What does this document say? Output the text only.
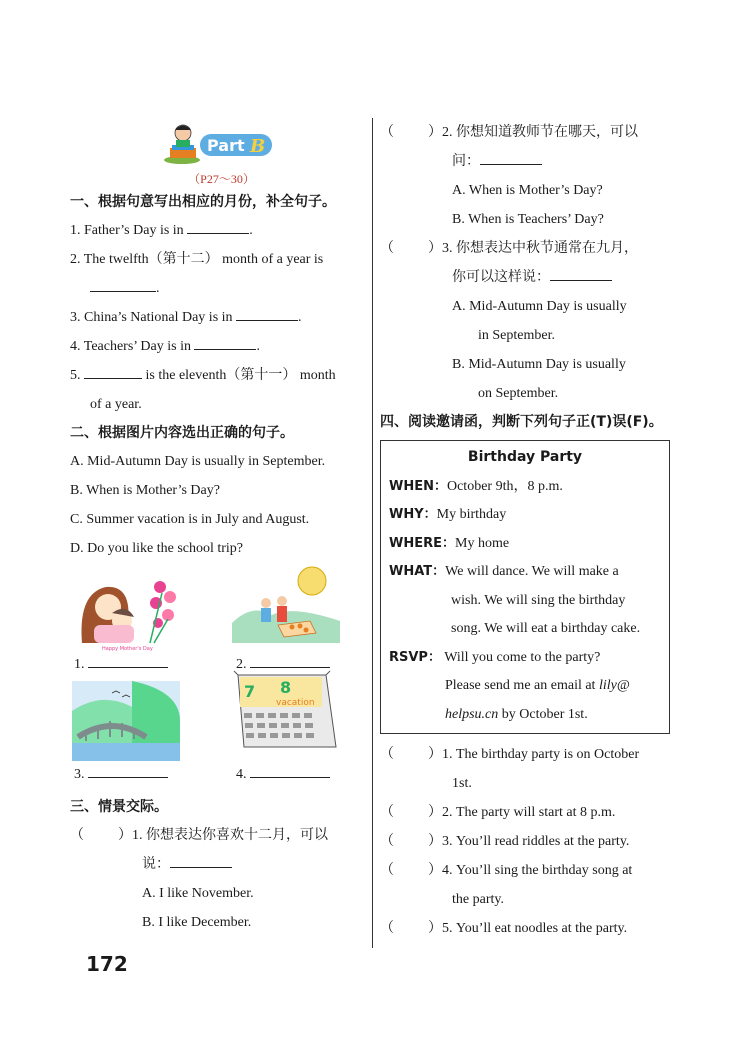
Part B
（P27～30）
一、根据句意写出相应的月份，补全句子。
1. Father’s Day is in	.
2. The twelfth（第十二） month of a year is
.
3. China’s National Day is in	.
4. Teachers’ Day is in	.
5.	is the eleventh（第十一） month
of a year.
二、根据图片内容选出正确的句子。
A. Mid-Autumn Day is usually in September.
B. When is Mother’s Day?
C. Summer vacation is in July and August.
D. Do you like the school trip?
Happy Mother's Day
1.	2.
3.
7 8
vacation
4.
三、情景交际。
（ ）1. 你想表达你喜欢十二月，可以
说：
A. I like November.
B. I like December.
（ ）2. 你想知道教师节在哪天，可以
问：
A. When is Mother’s Day?
B. When is Teachers’ Day?
（ ）3. 你想表达中秋节通常在九月，
你可以这样说：
A. Mid-Autumn Day is usually
in September.
B. Mid-Autumn Day is usually
on September.
四、阅读邀请函，判断下列句子正(T)误(F)。
Birthday Party
WHEN：October 9th，8 p.m.
WHY：My birthday
WHERE：My home
WHAT：We will dance. We will make a
wish. We will sing the birthday
song. We will eat a birthday cake.
RSVP： Will you come to the party?
Please send me an email at lily@
helpsu.cn by October 1st.
（ ）1. The birthday party is on October
1st.
（ ）2. The party will start at 8 p.m.
（ ）3. You’ll read riddles at the party.
（ ）4. You’ll sing the birthday song at
the party.
（ ）5. You’ll eat noodles at the party.
172
